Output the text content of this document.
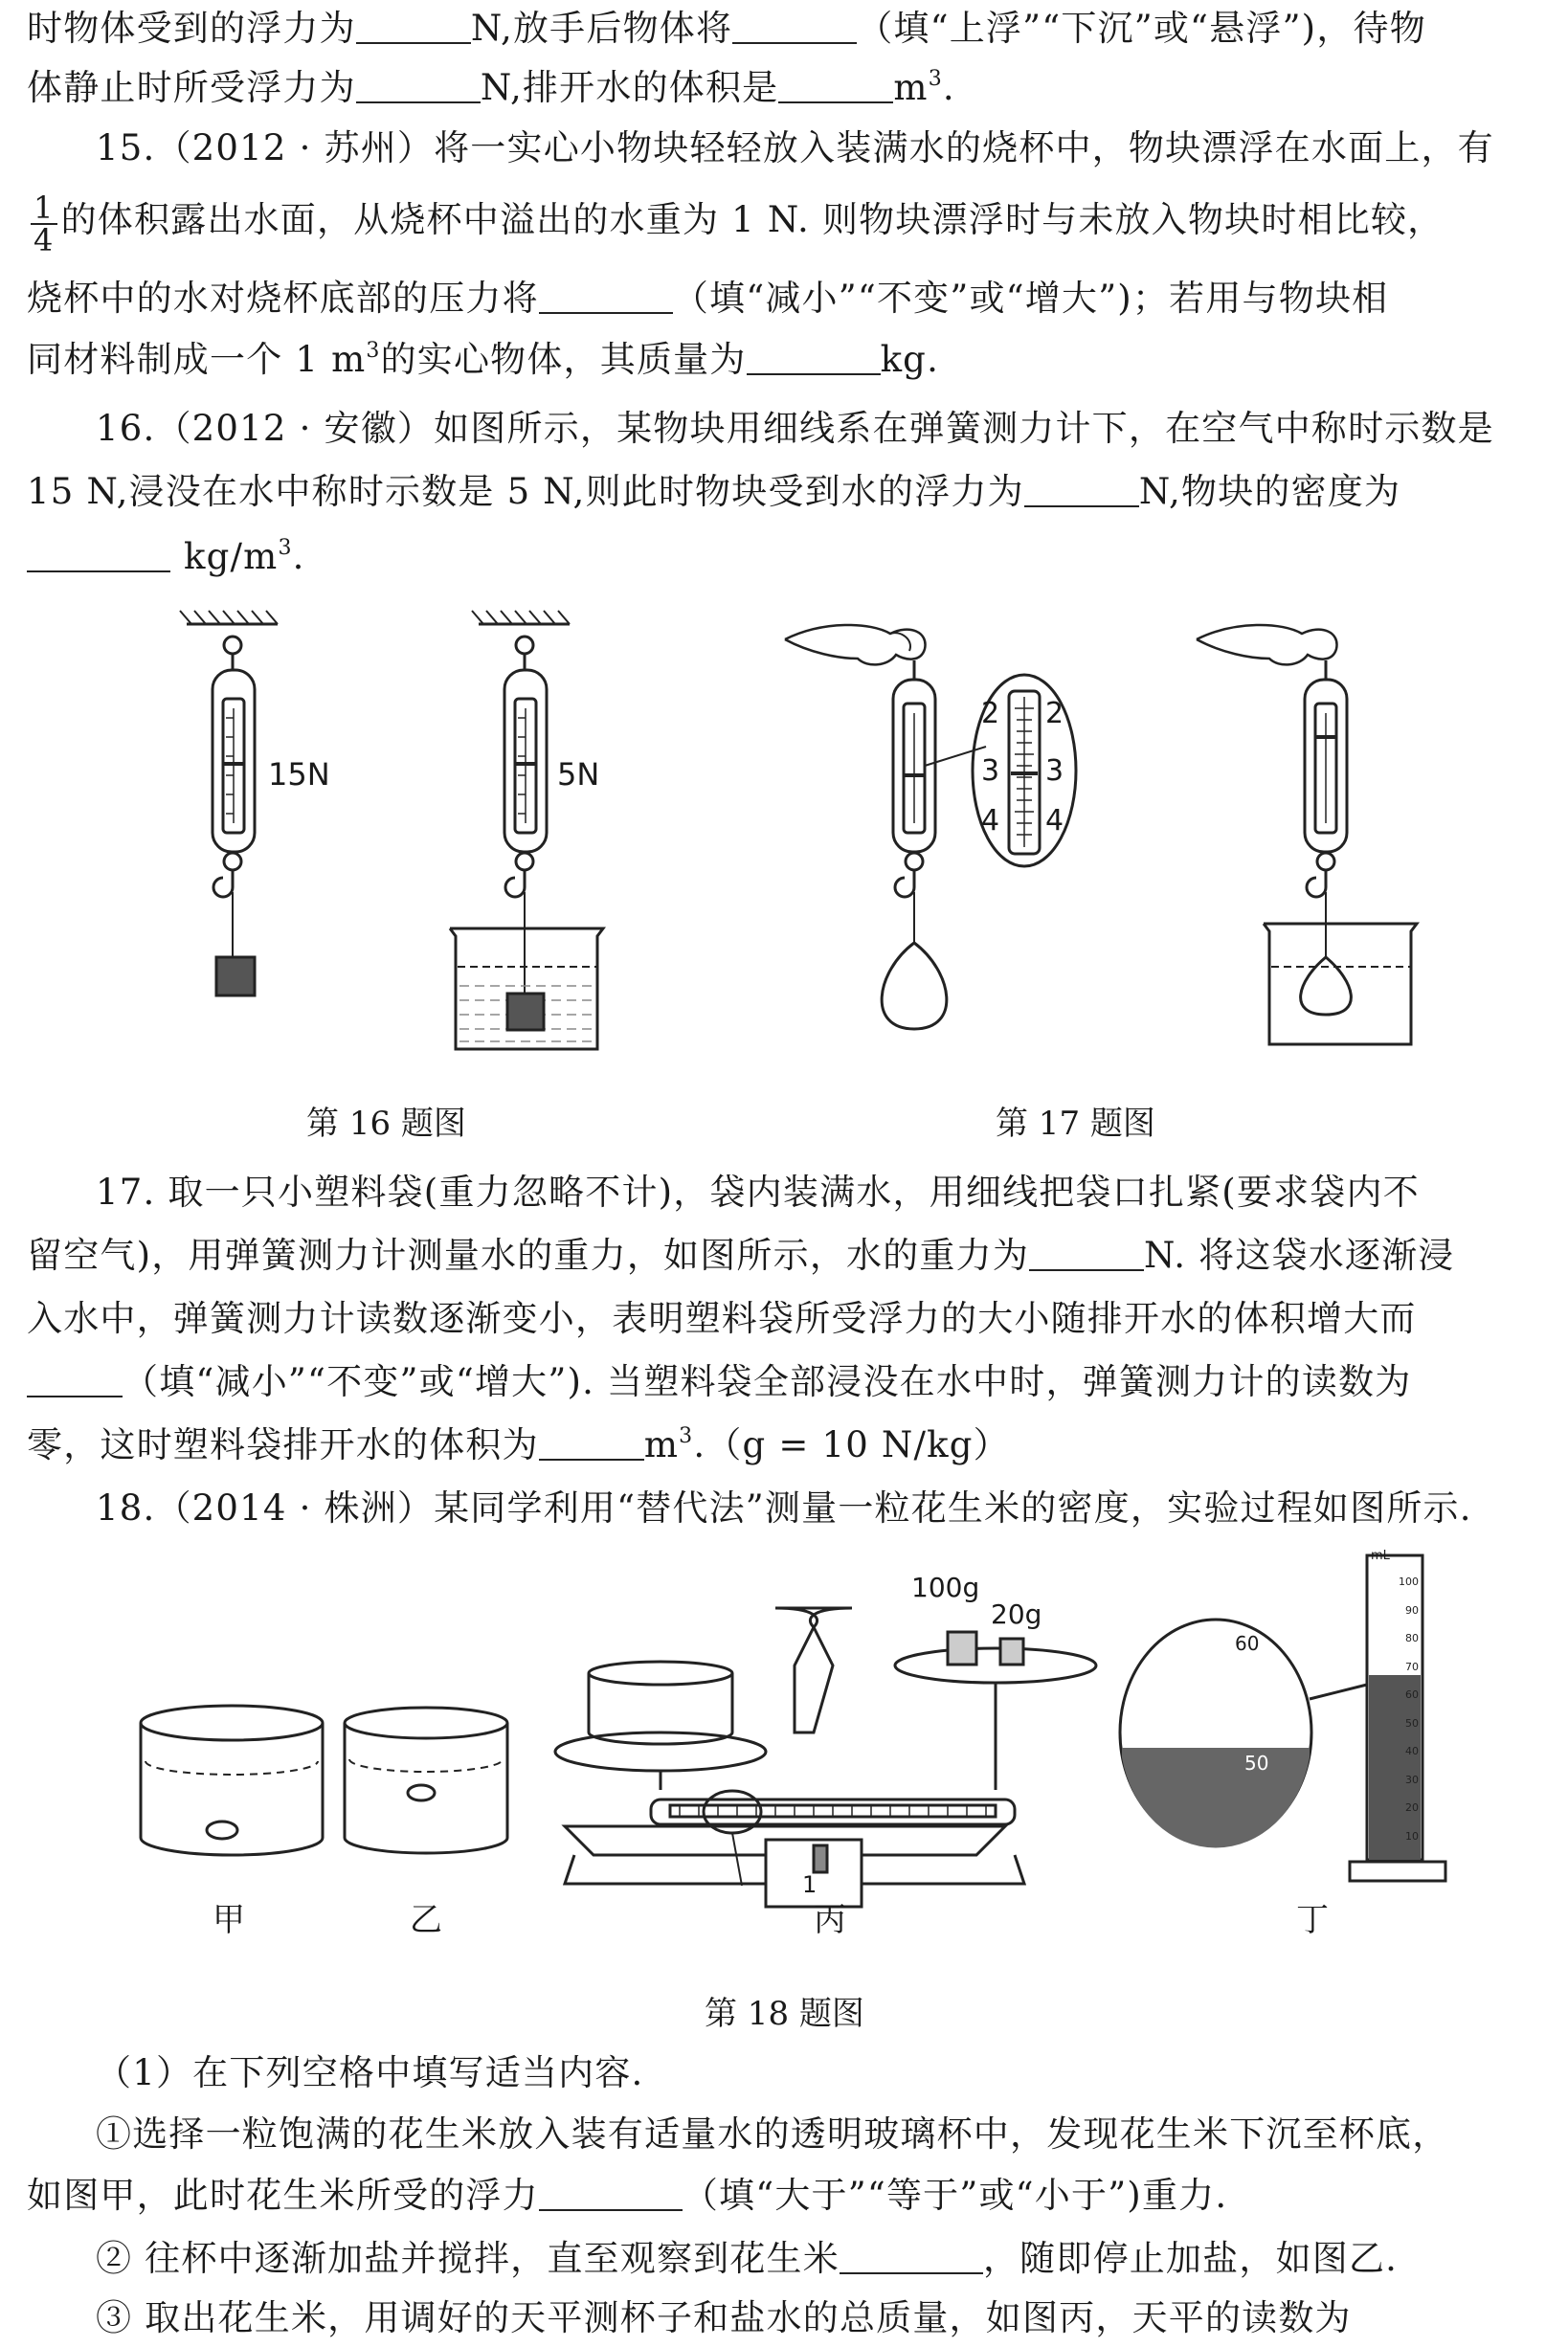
时物体受到的浮力为	N,放手后物体将	（填“上浮”“下沉”或“悬浮”)，待物
体静止时所受浮力为	N,排开水的体积是	$m^3$.
15.（2012 · 苏州）将一实心小物块轻轻放入装满水的烧杯中，物块漂浮在水面上，有
$\frac{1}{4}$ 的体积露出水面，从烧杯中溢出的水重为 1 N. 则物块漂浮时与未放入物块时相比较，
烧杯中的水对烧杯底部的压力将	（填“减小”“不变”或“增大”)；若用与物块相
同材料制成一个 1 $m^3$的实心物体，其质量为	kg.
16.（2012 · 安徽）如图所示，某物块用细线系在弹簧测力计下，在空气中称时示数是
15 N,浸没在水中称时示数是 5 N,则此时物块受到水的浮力为	N,物块的密度为
$kg/m^3$.
17. 取一只小塑料袋(重力忽略不计)，袋内装满水，用细线把袋口扎紧(要求袋内不
留空气)，用弹簧测力计测量水的重力，如图所示，水的重力为	N. 将这袋水逐渐浸
入水中，弹簧测力计读数逐渐变小，表明塑料袋所受浮力的大小随排开水的体积增大而
（填“减小”“不变”或“增大”). 当塑料袋全部浸没在水中时，弹簧测力计的读数为
零，这时塑料袋排开水的体积为	$m^3.(g = 10$ N/kg）
18.（2014 · 株洲）某同学利用“替代法”测量一粒花生米的密度，实验过程如图所示.
（1）在下列空格中填写适当内容.
①选择一粒饱满的花生米放入装有适量水的透明玻璃杯中，发现花生米下沉至杯底，
如图甲，此时花生米所受的浮力	（填“大于”“等于”或“小于”)重力.
② 往杯中逐渐加盐并搅拌，直至观察到花生米	，随即停止加盐，如图乙.
③ 取出花生米，用调好的天平测杯子和盐水的总质量，如图丙，天平的读数为
15N	5N
2
3
4
2
3
4
第 16 题图	第 17 题图
100g
20g
1
mL
100
90
80
70
60
50
40
30
20
10
60
50
甲	乙	丙	丁
第 18 题图
